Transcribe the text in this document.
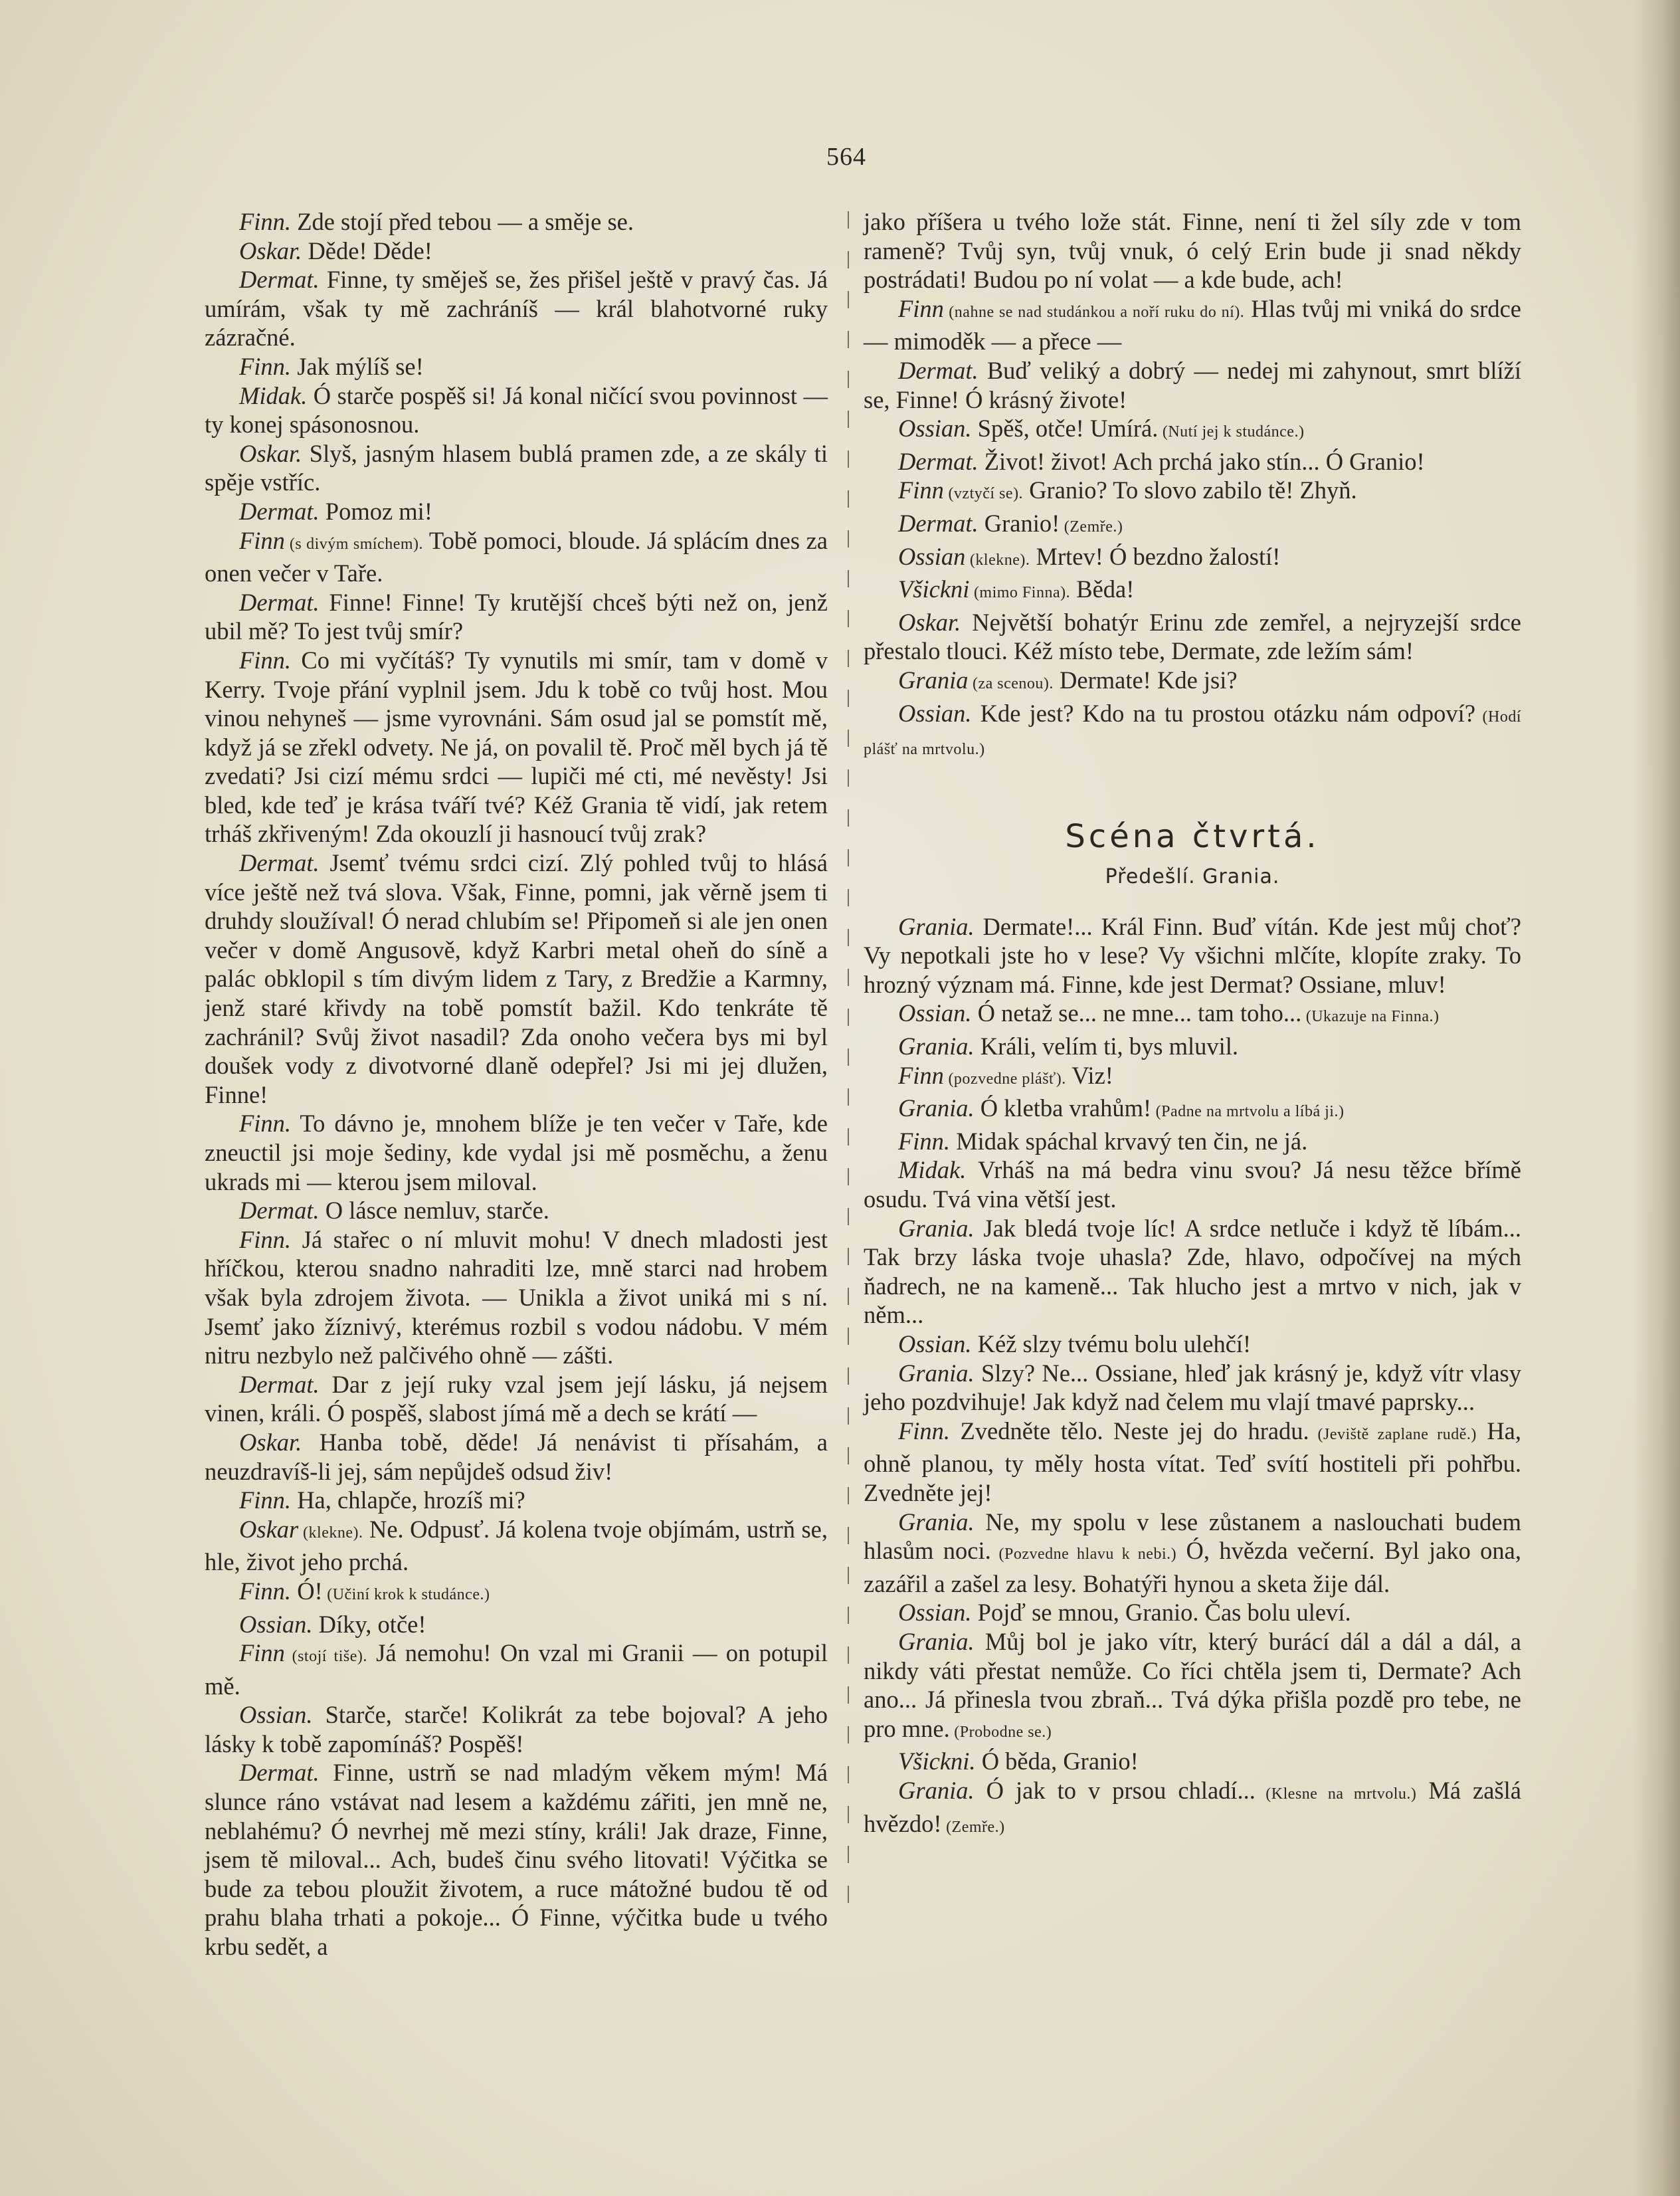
564

Finn. Zde stojí před tebou — a směje se.

Oskar. Děde! Děde!

Dermat. Finne, ty směješ se, žes přišel ještě v pravý čas. Já umírám, však ty mě zachráníš — král blahotvorné ruky zázračné.

Finn. Jak mýlíš se!

Midak. Ó starče pospěš si! Já konal ničící svou povinnost — ty konej spásonosnou.

Oskar. Slyš, jasným hlasem bublá pramen zde, a ze skály ti spěje vstříc.

Dermat. Pomoz mi!

Finn (s divým smíchem). Tobě pomoci, bloude. Já splácím dnes za onen večer v Taře.

Dermat. Finne! Finne! Ty krutější chceš býti než on, jenž ubil mě? To jest tvůj smír?

Finn. Co mi vyčítáš? Ty vynutils mi smír, tam v domě v Kerry. Tvoje přání vyplnil jsem. Jdu k tobě co tvůj host. Mou vinou nehyneš — jsme vyrovnáni. Sám osud jal se pomstít mě, když já se zřekl odvety. Ne já, on povalil tě. Proč měl bych já tě zvedati? Jsi cizí mému srdci — lupiči mé cti, mé nevěsty! Jsi bled, kde teď je krása tváří tvé? Kéž Grania tě vidí, jak retem trháš zkřiveným! Zda okouzlí ji hasnoucí tvůj zrak?

Dermat. Jsemť tvému srdci cizí. Zlý pohled tvůj to hlásá více ještě než tvá slova. Však, Finne, pomni, jak věrně jsem ti druhdy sloužíval! Ó nerad chlubím se! Připomeň si ale jen onen večer v domě Angusově, když Karbri metal oheň do síně a palác obklopil s tím divým lidem z Tary, z Bredžie a Karmny, jenž staré křivdy na tobě pomstít bažil. Kdo tenkráte tě zachránil? Svůj život nasadil? Zda onoho večera bys mi byl doušek vody z divotvorné dlaně odepřel? Jsi mi jej dlužen, Finne!

Finn. To dávno je, mnohem blíže je ten večer v Taře, kde zneuctil jsi moje šediny, kde vydal jsi mě posměchu, a ženu ukrads mi — kterou jsem miloval.

Dermat. O lásce nemluv, starče.

Finn. Já stařec o ní mluvit mohu! V dnech mladosti jest hříčkou, kterou snadno nahraditi lze, mně starci nad hrobem však byla zdrojem života. — Unikla a život uniká mi s ní. Jsemť jako žíznivý, kterémus rozbil s vodou nádobu. V mém nitru nezbylo než palčivého ohně — zášti.

Dermat. Dar z její ruky vzal jsem její lásku, já nejsem vinen, králi. Ó pospěš, slabost jímá mě a dech se krátí —

Oskar. Hanba tobě, děde! Já nenávist ti přísahám, a neuzdravíš-li jej, sám nepůjdeš odsud živ!

Finn. Ha, chlapče, hrozíš mi?

Oskar (klekne). Ne. Odpusť. Já kolena tvoje objímám, ustrň se, hle, život jeho prchá.

Finn. Ó! (Učiní krok k studánce.)

Ossian. Díky, otče!

Finn (stojí tiše). Já nemohu! On vzal mi Granii — on potupil mě.

Ossian. Starče, starče! Kolikrát za tebe bojoval? A jeho lásky k tobě zapomínáš? Pospěš!

Dermat. Finne, ustrň se nad mladým věkem mým! Má slunce ráno vstávat nad lesem a každému zářiti, jen mně ne, neblahému? Ó nevrhej mě mezi stíny, králi! Jak draze, Finne, jsem tě miloval... Ach, budeš činu svého litovati! Výčitka se bude za tebou ploužit životem, a ruce mátožné budou tě od prahu blaha trhati a pokoje... Ó Finne, výčitka bude u tvého krbu sedět, a

jako příšera u tvého lože stát. Finne, není ti žel síly zde v tom rameně? Tvůj syn, tvůj vnuk, ó celý Erin bude ji snad někdy postrádati! Budou po ní volat — a kde bude, ach!

Finn (nahne se nad studánkou a noří ruku do ní). Hlas tvůj mi vniká do srdce — mimoděk — a přece —

Dermat. Buď veliký a dobrý — nedej mi zahynout, smrt blíží se, Finne! Ó krásný živote!

Ossian. Spěš, otče! Umírá. (Nutí jej k studánce.)

Dermat. Život! život! Ach prchá jako stín... Ó Granio!

Finn (vztyčí se). Granio? To slovo zabilo tě! Zhyň.

Dermat. Granio! (Zemře.)

Ossian (klekne). Mrtev! Ó bezdno žalostí!

Všickni (mimo Finna). Běda!

Oskar. Největší bohatýr Erinu zde zemřel, a nejryzejší srdce přestalo tlouci. Kéž místo tebe, Dermate, zde ležím sám!

Grania (za scenou). Dermate! Kde jsi?

Ossian. Kde jest? Kdo na tu prostou otázku nám odpoví? (Hodí plášť na mrtvolu.)

Scéna čtvrtá.
Předešlí. Grania.

Grania. Dermate!... Král Finn. Buď vítán. Kde jest můj choť? Vy nepotkali jste ho v lese? Vy všichni mlčíte, klopíte zraky. To hrozný význam má. Finne, kde jest Dermat? Ossiane, mluv!

Ossian. Ó netaž se... ne mne... tam toho... (Ukazuje na Finna.)

Grania. Králi, velím ti, bys mluvil.

Finn (pozvedne plášť). Viz!

Grania. Ó kletba vrahům! (Padne na mrtvolu a líbá ji.)

Finn. Midak spáchal krvavý ten čin, ne já.

Midak. Vrháš na má bedra vinu svou? Já nesu těžce břímě osudu. Tvá vina větší jest.

Grania. Jak bledá tvoje líc! A srdce netluče i když tě líbám... Tak brzy láska tvoje uhasla? Zde, hlavo, odpočívej na mých ňadrech, ne na kameně... Tak hlucho jest a mrtvo v nich, jak v něm...

Ossian. Kéž slzy tvému bolu ulehčí!

Grania. Slzy? Ne... Ossiane, hleď jak krásný je, když vítr vlasy jeho pozdvihuje! Jak když nad čelem mu vlají tmavé paprsky...

Finn. Zvedněte tělo. Neste jej do hradu. (Jeviště zaplane rudě.) Ha, ohně planou, ty měly hosta vítat. Teď svítí hostiteli při pohřbu. Zvedněte jej!

Grania. Ne, my spolu v lese zůstanem a naslouchati budem hlasům noci. (Pozvedne hlavu k nebi.) Ó, hvězda večerní. Byl jako ona, zazářil a zašel za lesy. Bohatýři hynou a sketa žije dál.

Ossian. Pojď se mnou, Granio. Čas bolu uleví.

Grania. Můj bol je jako vítr, který burácí dál a dál a dál, a nikdy váti přestat nemůže. Co říci chtěla jsem ti, Dermate? Ach ano... Já přinesla tvou zbraň... Tvá dýka přišla pozdě pro tebe, ne pro mne. (Probodne se.)

Všickni. Ó běda, Granio!

Grania. Ó jak to v prsou chladí... (Klesne na mrtvolu.) Má zašlá hvězdo! (Zemře.)
